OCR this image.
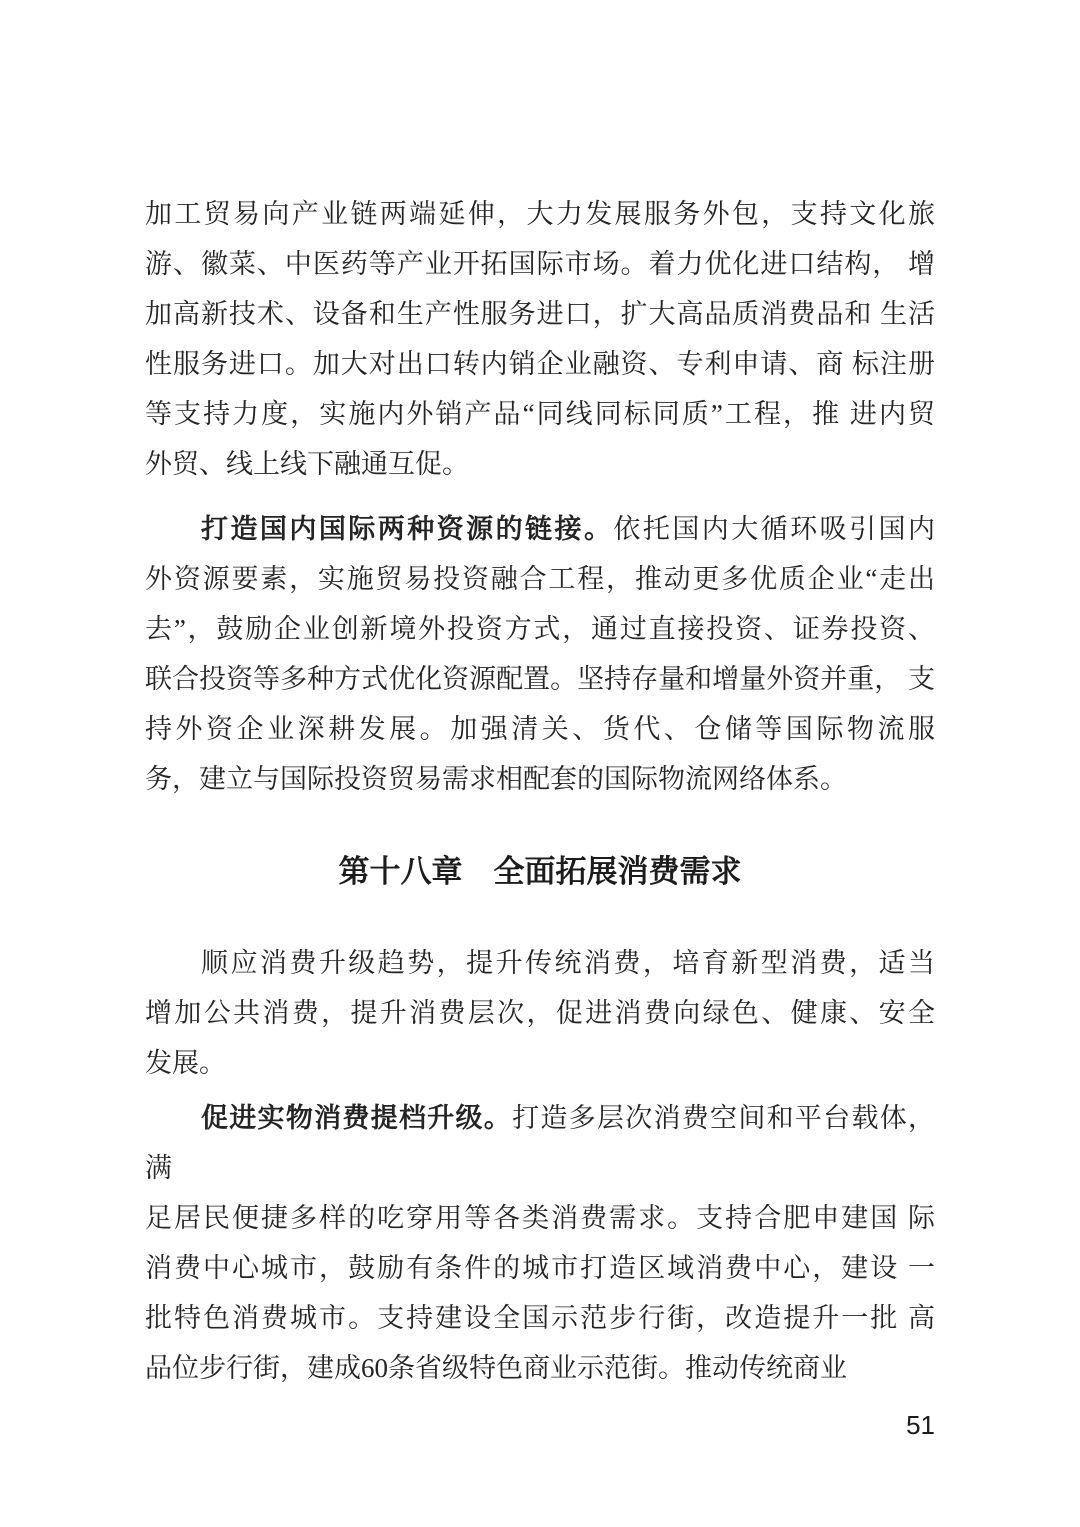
加工贸易向产业链两端延伸，大力发展服务外包，支持文化旅
游、徽菜、中医药等产业开拓国际市场。着力优化进口结构， 增
加高新技术、设备和生产性服务进口，扩大高品质消费品和 生活
性服务进口。加大对出口转内销企业融资、专利申请、商 标注册
等支持力度，实施内外销产品“同线同标同质”工程，推 进内贸
外贸、线上线下融通互促。
打造国内国际两种资源的链接。依托国内大循环吸引国内
外资源要素，实施贸易投资融合工程，推动更多优质企业“走出
去”，鼓励企业创新境外投资方式，通过直接投资、证券投资、
联合投资等多种方式优化资源配置。坚持存量和增量外资并重， 支
持外资企业深耕发展。加强清关、货代、仓储等国际物流服
务，建立与国际投资贸易需求相配套的国际物流网络体系。
第十八章　全面拓展消费需求
顺应消费升级趋势，提升传统消费，培育新型消费，适当
增加公共消费，提升消费层次，促进消费向绿色、健康、安全
发展。
促进实物消费提档升级。打造多层次消费空间和平台载体， 满
足居民便捷多样的吃穿用等各类消费需求。支持合肥申建国 际
消费中心城市，鼓励有条件的城市打造区域消费中心，建设 一
批特色消费城市。支持建设全国示范步行街，改造提升一批 高
品位步行街，建成60条省级特色商业示范街。推动传统商业
51
